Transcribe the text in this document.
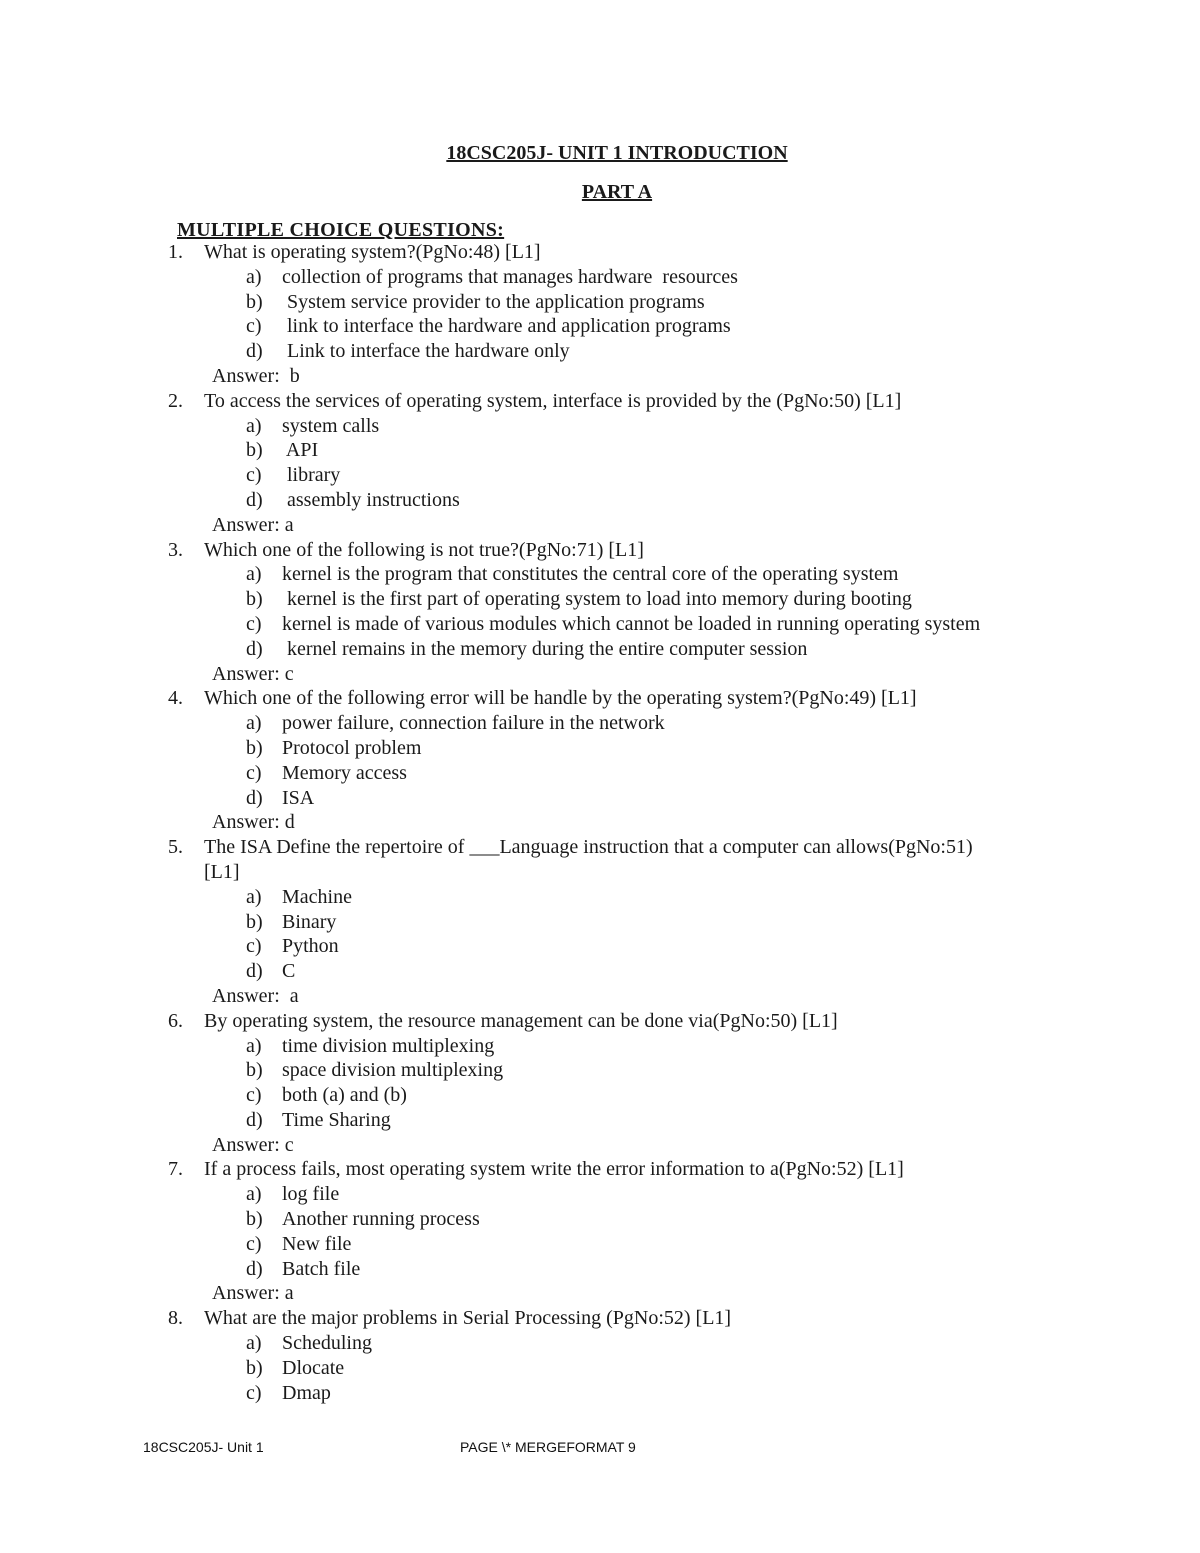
18CSC205J- UNIT 1 INTRODUCTION
PART A
MULTIPLE CHOICE QUESTIONS:
1. What is operating system?(PgNo:48) [L1]
a) collection of programs that manages hardware  resources
b) System service provider to the application programs
c) link to interface the hardware and application programs
d) Link to interface the hardware only
Answer:  b
2. To access the services of operating system, interface is provided by the (PgNo:50) [L1]
a) system calls
b) API
c) library
d) assembly instructions
Answer: a
3. Which one of the following is not true?(PgNo:71) [L1]
a) kernel is the program that constitutes the central core of the operating system
b) kernel is the first part of operating system to load into memory during booting
c) kernel is made of various modules which cannot be loaded in running operating system
d) kernel remains in the memory during the entire computer session
Answer: c
4. Which one of the following error will be handle by the operating system?(PgNo:49) [L1]
a) power failure, connection failure in the network
b) Protocol problem
c) Memory access
d) ISA
Answer: d
5. The ISA Define the repertoire of ___Language instruction that a computer can allows(PgNo:51)
[L1]
a) Machine
b) Binary
c) Python
d) C
Answer:  a
6. By operating system, the resource management can be done via(PgNo:50) [L1]
a) time division multiplexing
b) space division multiplexing
c) both (a) and (b)
d) Time Sharing
Answer: c
7. If a process fails, most operating system write the error information to a(PgNo:52) [L1]
a) log file
b) Another running process
c) New file
d) Batch file
Answer: a
8. What are the major problems in Serial Processing (PgNo:52) [L1]
a) Scheduling
b) Dlocate
c) Dmap
18CSC205J- Unit 1	PAGE \* MERGEFORMAT 9
